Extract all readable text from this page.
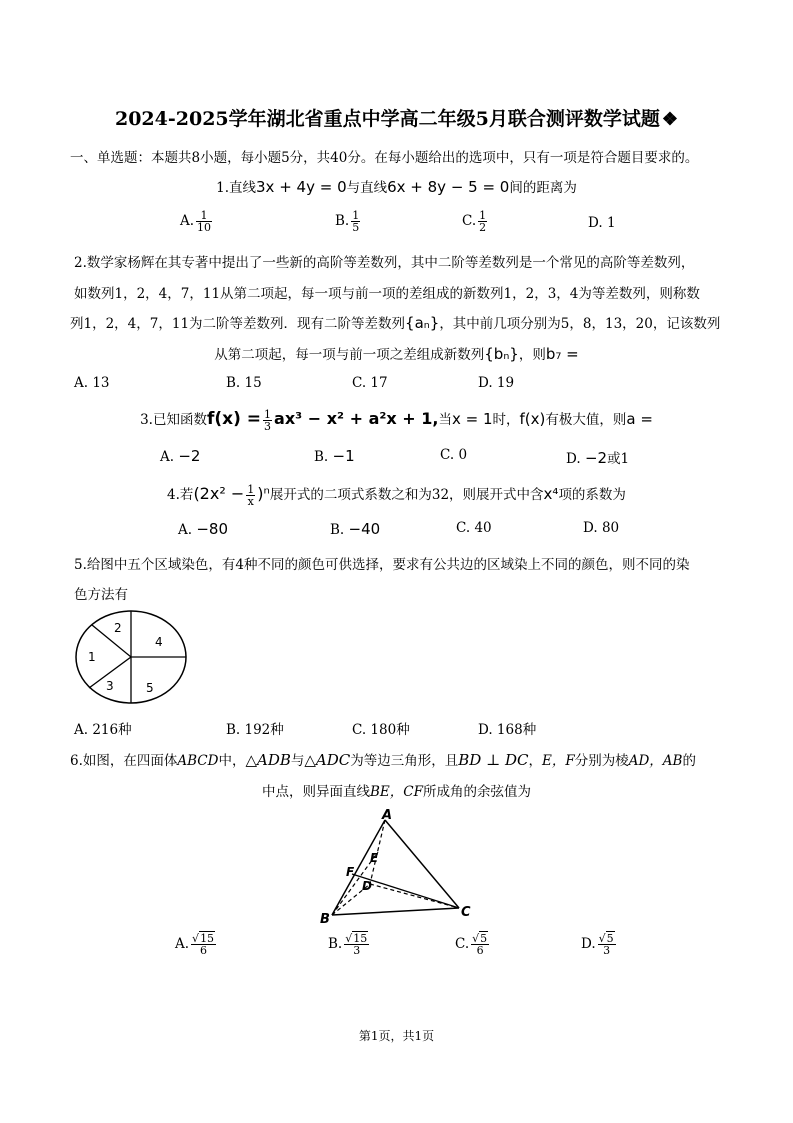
2024-2025学年湖北省重点中学高二年级5月联合测评数学试题 ❖
一、单选题：本题共8小题，每小题5分，共40分。在每小题给出的选项中，只有一项是符合题目要求的。
1.直线3x + 4y = 0与直线6x + 8y − 5 = 0间的距离为
A. $\frac{1}{10}$	B. $\frac{1}{5}$	C. $\frac{1}{2}$	D. 1
2.数学家杨辉在其专著中提出了一些新的高阶等差数列，其中二阶等差数列是一个常见的高阶等差数列，
如数列1，2，4，7，11从第二项起，每一项与前一项的差组成的新数列1，2，3，4为等差数列，则称数
列1，2，4，7，11为二阶等差数列．现有二阶等差数列{aₙ}，其中前几项分别为5，8，13，20，记该数列
从第二项起，每一项与前一项之差组成新数列{bₙ}，则b₇ =
A. 13	B. 15	C. 17	D. 19
3.已知函数$f(x) = \frac{1}{3} ax^3 - x^2 + a^2x + 1$,当x = 1时，f(x)有极大值，则a =
A. −2	B. −1	C. 0	D. −2或1
4.若$(2x^2 - \frac{1}{x} )^n$展开式的二项式系数之和为32，则展开式中含x⁴项的系数为
A. −80	B. −40	C. 40	D. 80
5.给图中五个区域染色，有4种不同的颜色可供选择，要求有公共边的区域染上不同的颜色，则不同的染
色方法有
1
2
3
4
5
A. 216种	B. 192种	C. 180种	D. 168种
6.如图，在四面体ABCD中，△ADB与△ADC为等边三角形，且BD ⊥ DC，E，F分别为棱AD，AB的
中点，则异面直线BE，CF所成角的余弦值为
A
E
F
D
B	C
A. $\frac{√15}{6}$	B. $\frac{√15}{3}$	C. $\frac{√5}{6}$	D. $\frac{√5}{3}$
第1页，共1页
